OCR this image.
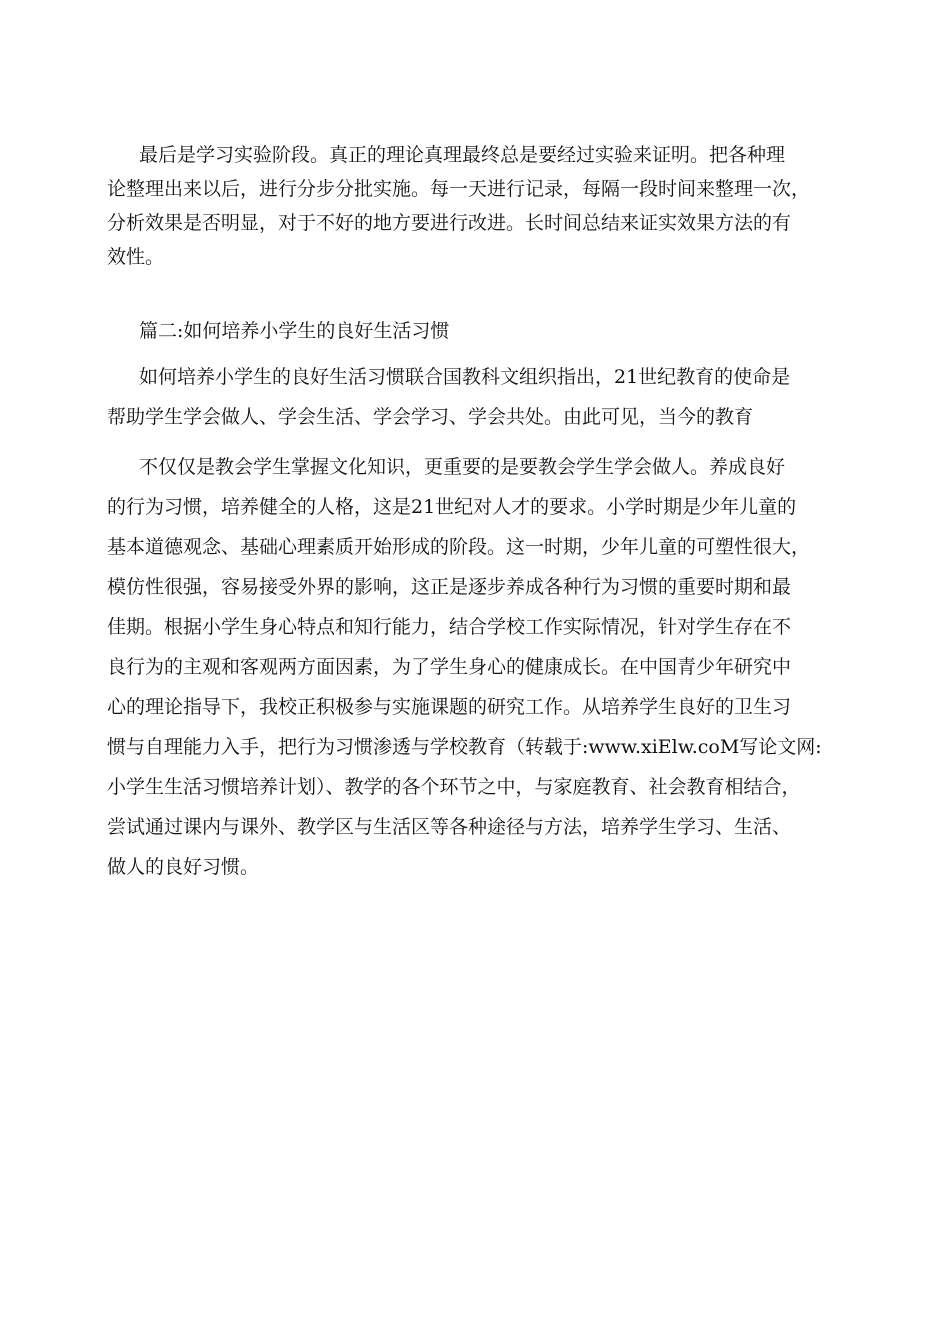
最后是学习实验阶段。真正的理论真理最终总是要经过实验来证明。把各种理
论整理出来以后，进行分步分批实施。每一天进行记录，每隔一段时间来整理一次，
分析效果是否明显，对于不好的地方要进行改进。长时间总结来证实效果方法的有
效性。
篇二:如何培养小学生的良好生活习惯
如何培养小学生的良好生活习惯联合国教科文组织指出，21世纪教育的使命是
帮助学生学会做人、学会生活、学会学习、学会共处。由此可见，当今的教育
不仅仅是教会学生掌握文化知识，更重要的是要教会学生学会做人。养成良好
的行为习惯，培养健全的人格，这是21世纪对人才的要求。小学时期是少年儿童的
基本道德观念、基础心理素质开始形成的阶段。这一时期，少年儿童的可塑性很大，
模仿性很强，容易接受外界的影响，这正是逐步养成各种行为习惯的重要时期和最
佳期。根据小学生身心特点和知行能力，结合学校工作实际情况，针对学生存在不
良行为的主观和客观两方面因素，为了学生身心的健康成长。在中国青少年研究中
心的理论指导下，我校正积极参与实施课题的研究工作。从培养学生良好的卫生习
惯与自理能力入手，把行为习惯渗透与学校教育（转载于:www.xiElw.coM写论文网:
小学生生活习惯培养计划）、教学的各个环节之中，与家庭教育、社会教育相结合，
尝试通过课内与课外、教学区与生活区等各种途径与方法，培养学生学习、生活、
做人的良好习惯。
